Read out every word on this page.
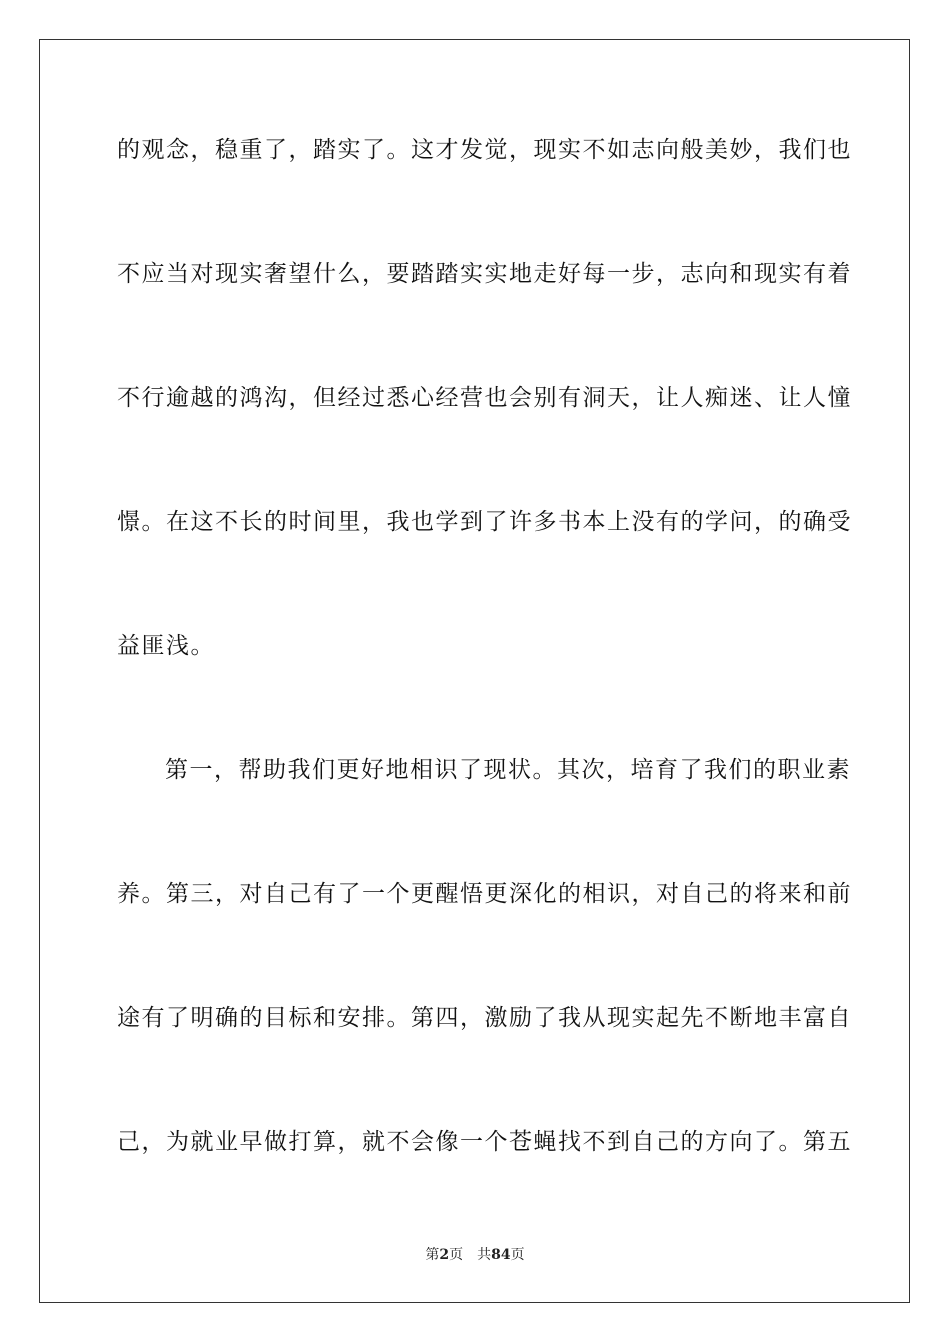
的观念，稳重了，踏实了。这才发觉，现实不如志向般美妙，我们也
不应当对现实奢望什么，要踏踏实实地走好每一步，志向和现实有着
不行逾越的鸿沟，但经过悉心经营也会别有洞天，让人痴迷、让人憧
憬。在这不长的时间里，我也学到了许多书本上没有的学问，的确受
益匪浅。
第一，帮助我们更好地相识了现状。其次，培育了我们的职业素
养。第三，对自己有了一个更醒悟更深化的相识，对自己的将来和前
途有了明确的目标和安排。第四，激励了我从现实起先不断地丰富自
己，为就业早做打算，就不会像一个苍蝇找不到自己的方向了。第五
第2页 共84页
